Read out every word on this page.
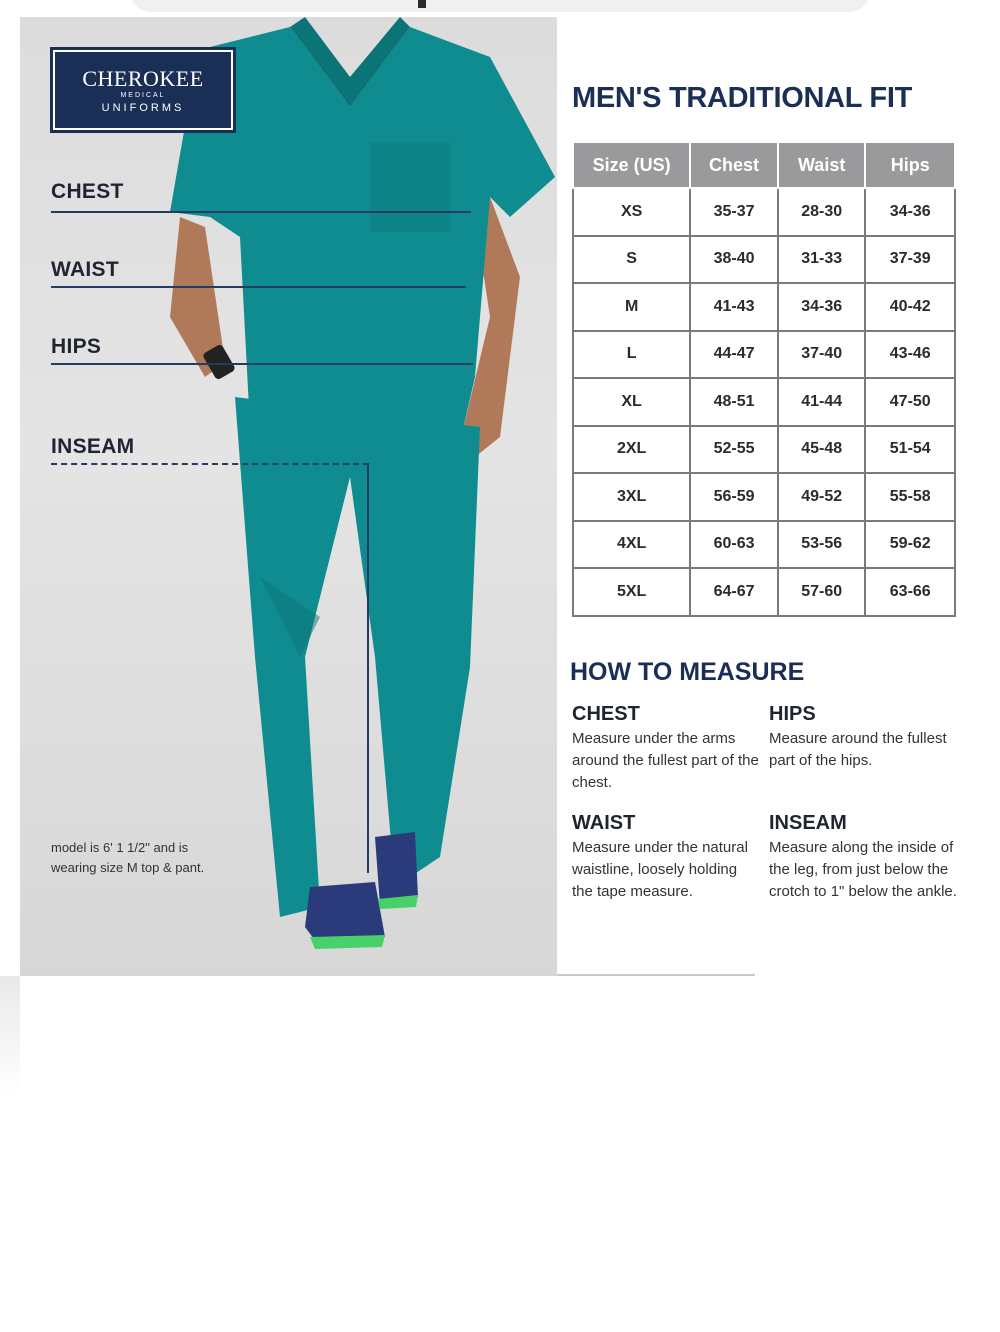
CHEROKEE
MEDICAL
UNIFORMS
CHEST
WAIST
HIPS
INSEAM
model is 6' 1 1/2" and is wearing size M top & pant.
MEN'S TRADITIONAL FIT
Size (US)	Chest	Waist	Hips
XS	35-37	28-30	34-36
S	38-40	31-33	37-39
M	41-43	34-36	40-42
L	44-47	37-40	43-46
XL	48-51	41-44	47-50
2XL	52-55	45-48	51-54
3XL	56-59	49-52	55-58
4XL	60-63	53-56	59-62
5XL	64-67	57-60	63-66
HOW TO MEASURE
CHEST
Measure under the arms around the fullest part of the chest.
HIPS
Measure around the fullest part of the hips.
WAIST
Measure under the natural waistline, loosely holding the tape measure.
INSEAM
Measure along the inside of the leg, from just below the crotch to 1" below the ankle.
